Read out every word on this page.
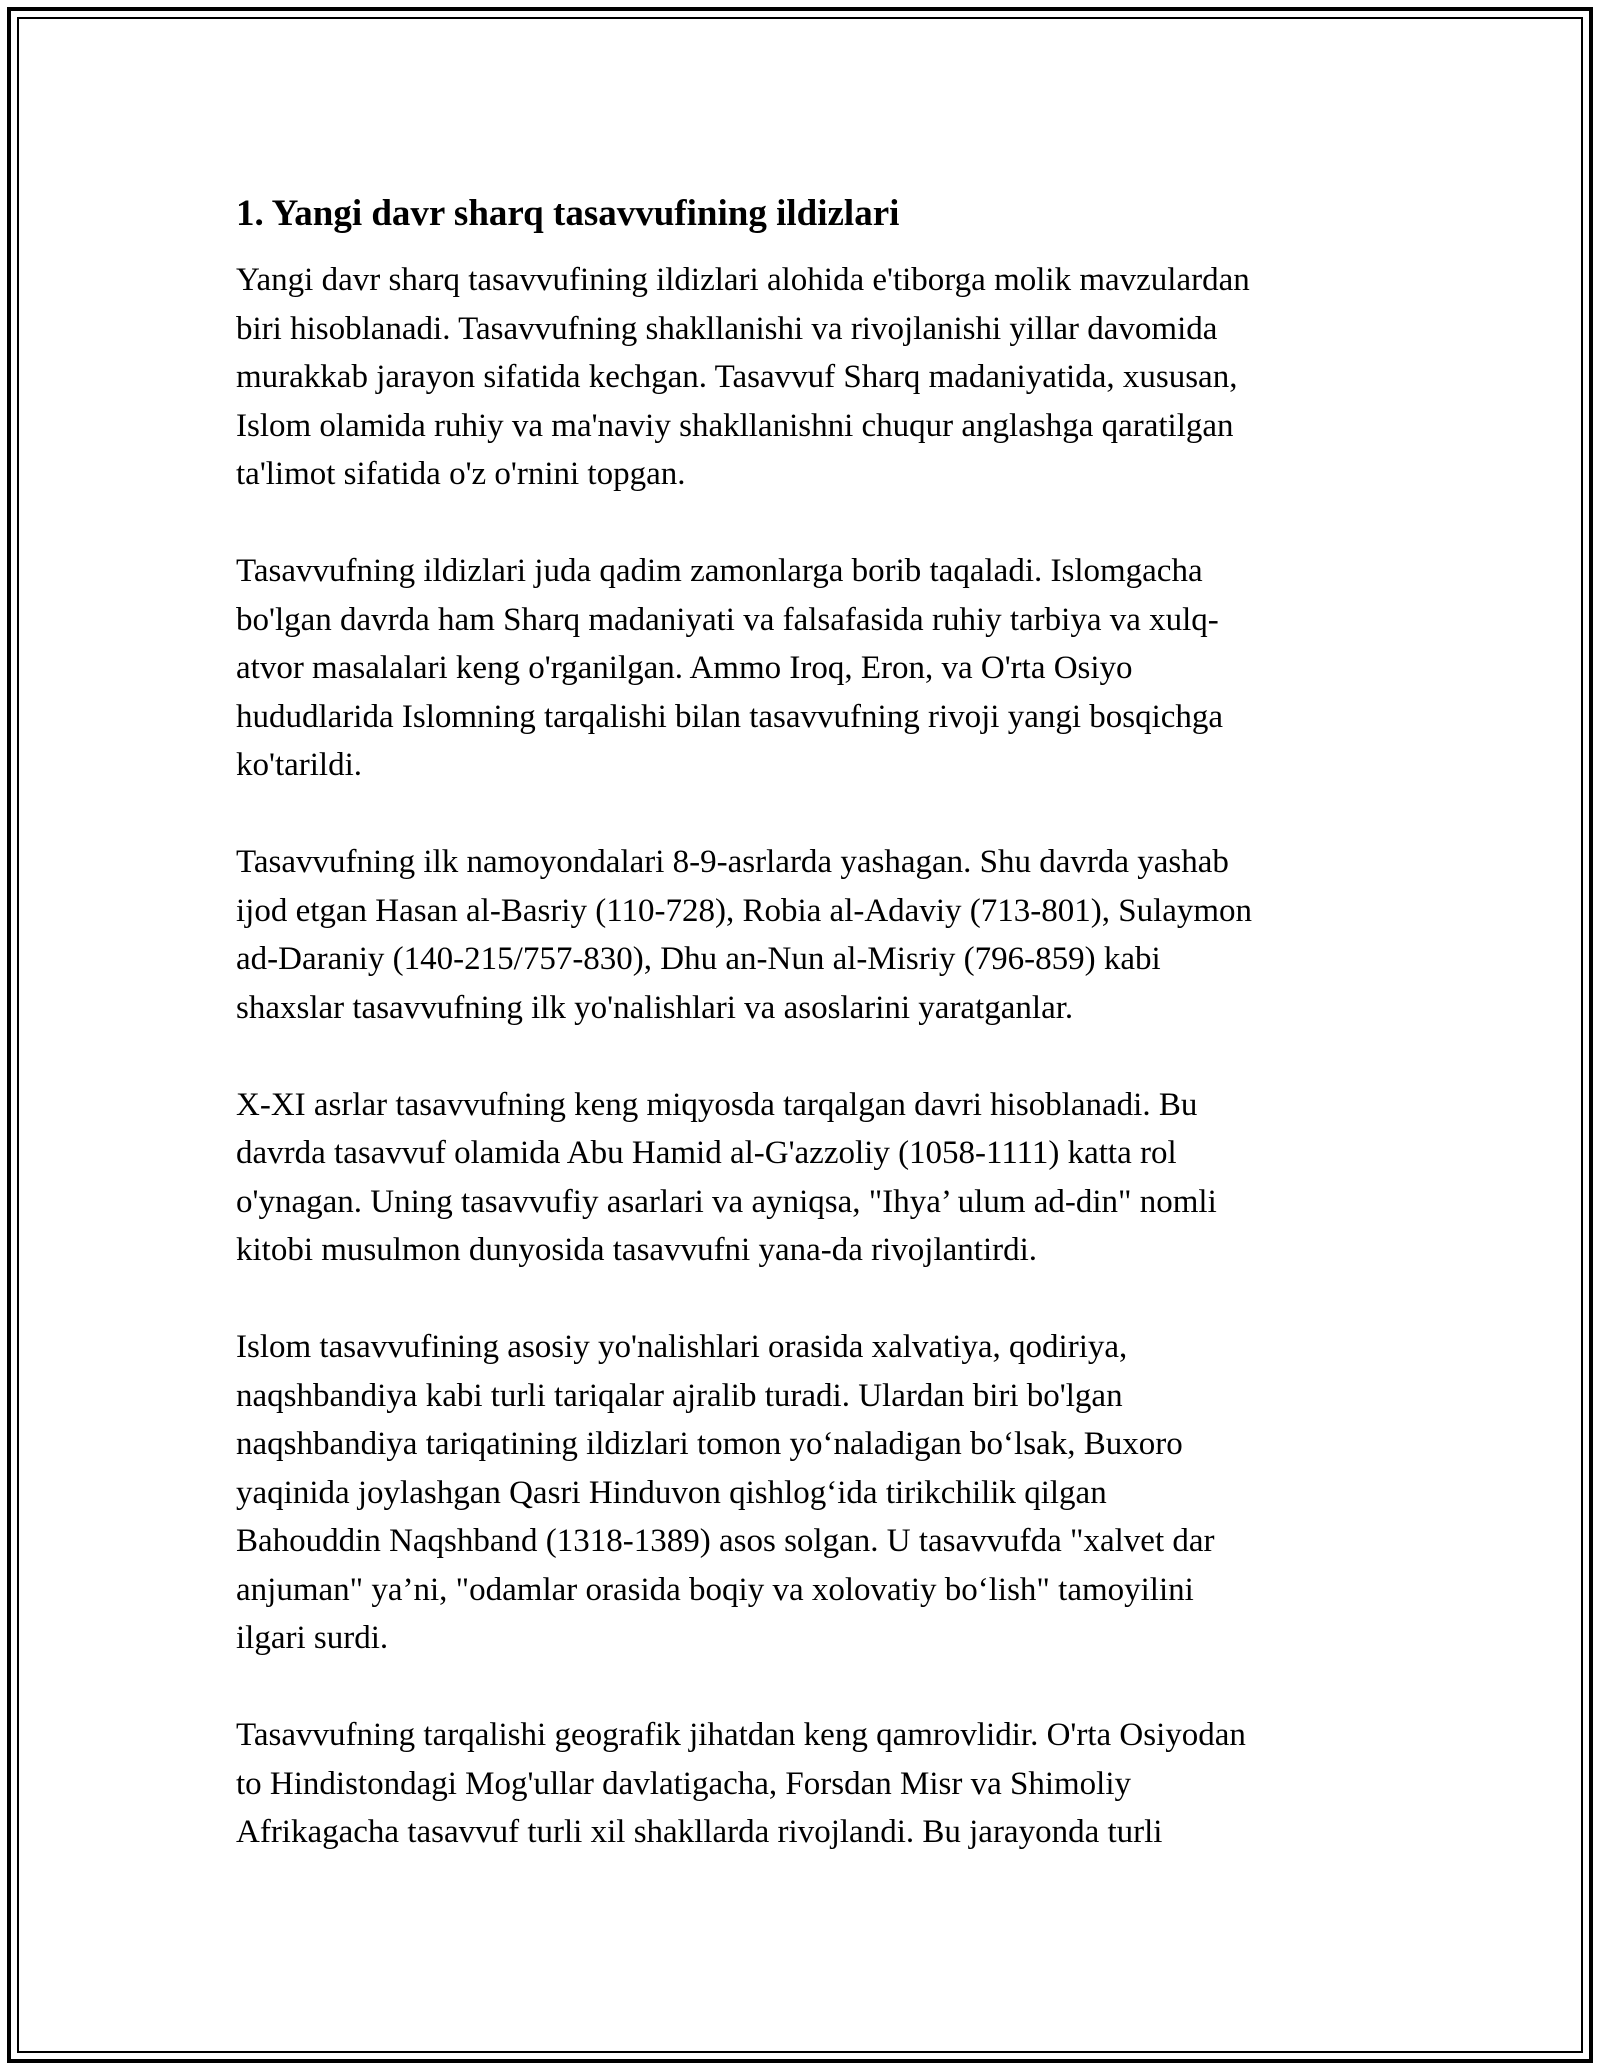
1. Yangi davr sharq tasavvufining ildizlari
Yangi davr sharq tasavvufining ildizlari alohida e'tiborga molik mavzulardan
biri hisoblanadi. Tasavvufning shakllanishi va rivojlanishi yillar davomida
murakkab jarayon sifatida kechgan. Tasavvuf Sharq madaniyatida, xususan,
Islom olamida ruhiy va ma'naviy shakllanishni chuqur anglashga qaratilgan
ta'limot sifatida o'z o'rnini topgan.
Tasavvufning ildizlari juda qadim zamonlarga borib taqaladi. Islomgacha
bo'lgan davrda ham Sharq madaniyati va falsafasida ruhiy tarbiya va xulq-
atvor masalalari keng o'rganilgan. Ammo Iroq, Eron, va O'rta Osiyo
hududlarida Islomning tarqalishi bilan tasavvufning rivoji yangi bosqichga
ko'tarildi.
Tasavvufning ilk namoyondalari 8-9-asrlarda yashagan. Shu davrda yashab
ijod etgan Hasan al-Basriy (110-728), Robia al-Adaviy (713-801), Sulaymon
ad-Daraniy (140-215/757-830), Dhu an-Nun al-Misriy (796-859) kabi
shaxslar tasavvufning ilk yo'nalishlari va asoslarini yaratganlar.
X-XI asrlar tasavvufning keng miqyosda tarqalgan davri hisoblanadi. Bu
davrda tasavvuf olamida Abu Hamid al-G'azzoliy (1058-1111) katta rol
o'ynagan. Uning tasavvufiy asarlari va ayniqsa, "Ihya’ ulum ad-din" nomli
kitobi musulmon dunyosida tasavvufni yana-da rivojlantirdi.
Islom tasavvufining asosiy yo'nalishlari orasida xalvatiya, qodiriya,
naqshbandiya kabi turli tariqalar ajralib turadi. Ulardan biri bo'lgan
naqshbandiya tariqatining ildizlari tomon yo‘naladigan bo‘lsak, Buxoro
yaqinida joylashgan Qasri Hinduvon qishlog‘ida tirikchilik qilgan
Bahouddin Naqshband (1318-1389) asos solgan. U tasavvufda "xalvet dar
anjuman" ya’ni, "odamlar orasida boqiy va xolovatiy bo‘lish" tamoyilini
ilgari surdi.
Tasavvufning tarqalishi geografik jihatdan keng qamrovlidir. O'rta Osiyodan
to Hindistondagi Mog'ullar davlatigacha, Forsdan Misr va Shimoliy
Afrikagacha tasavvuf turli xil shakllarda rivojlandi. Bu jarayonda turli
